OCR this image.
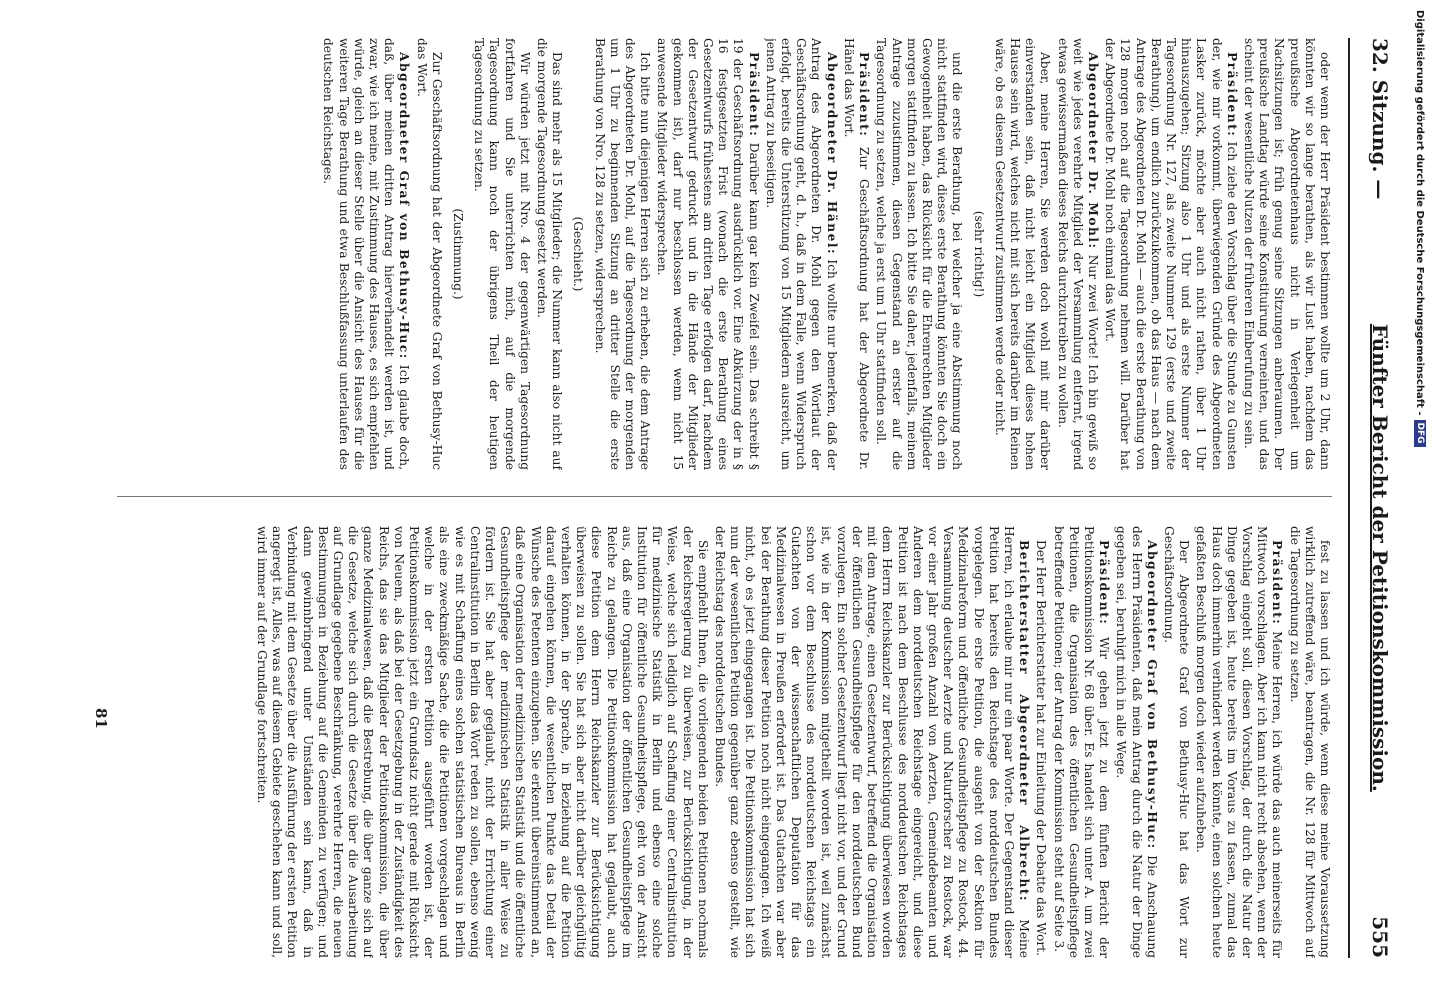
32. Sitzung. —
Fünfter Bericht der Petitionskommission.
555

oder wenn der Herr Präsident bestimmen wollte um 2 Uhr, dann könnten wir so lange berathen, als wir Lust haben, nachdem das preußische Abgeordnetenhaus nicht in Verlegenheit um Nachsitzungen ist; früh genug seine Sitzungen anberaumen. Der preußische Landtag würde seine Konstituirung verneinten, und das scheint der wesentliche Nutzen der früheren Einberufung zu sein.

Präsident: Ich ziehe den Vorschlag über die Stunde zu Gunsten der, wie mir vorkommt, überwiegenden Gründe des Abgeordneten Lasker zurück, möchte aber auch nicht rathen, über 1 Uhr hinauszugehen; Sitzung also 1 Uhr und als erste Nummer der Tagesordnung Nr. 127, als zweite Nummer 129 (erste und zweite Berathung), um endlich zurückzukommen, ob das Haus — nach dem Antrage des Abgeordneten Dr. Mohl — auch die erste Berathung von 128 morgen noch auf die Tagesordnung nehmen will. Darüber hat der Abgeordnete Dr. Mohl noch einmal das Wort.

Abgeordneter Dr. Mohl: Nur zwei Worte! Ich bin gewiß so weit wie jedes verehrte Mitglied der Versammlung entfernt, irgend etwas gewissermaßen dieses Reichs durchzutreiben zu wollen.

Aber, meine Herren, Sie werden doch wohl mit mir darüber einverstanden sein, daß nicht leicht ein Mitglied dieses hohen Hauses sein wird, welches nicht mit sich bereits darüber im Reinen wäre, ob es diesem Gesetzentwurf zustimmen werde oder nicht.

(sehr richtig!)

und die erste Berathung, bei welcher ja eine Abstimmung noch nicht stattfinden wird, dieses erste Berathung könnten Sie doch ein Gewogenheit haben, das Rücksicht für die Ehrenrechten Mitglieder morgen stattfinden zu lassen. Ich bitte Sie daher, jedenfalls, meinem Antrage zuzustimmen, diesen Gegenstand an erster auf die Tagesordnung zu setzen, welche ja erst um 1 Uhr stattfinden soll.

Präsident: Zur Geschäftsordnung hat der Abgeordnete Dr. Hänel das Wort.

Abgeordneter Dr. Hänel: Ich wollte nur bemerken, daß der Antrag des Abgeordneten Dr. Mohl gegen den Wortlaut der Geschäftsordnung geht, d. h., daß in dem Falle, wenn Widerspruch erfolgt, bereits die Unterstützung von 15 Mitgliedern ausreicht, um jenen Antrag zu beseitigen.

Präsident: Darüber kann gar kein Zweifel sein. Das schreibt § 19 der Geschäftsordnung ausdrücklich vor. Eine Abkürzung der in § 16 festgesetzten Frist (wonach die erste Berathung eines Gesetzentwurfs frühestens am dritten Tage erfolgen darf, nachdem der Gesetzentwurf gedruckt und in die Hände der Mitglieder gekommen ist), darf nur beschlossen werden, wenn nicht 15 anwesende Mitglieder widersprechen.

Ich bitte nun diejenigen Herren sich zu erheben, die dem Antrage des Abgeordneten Dr. Mohl, auf die Tagesordnung der morgenden um 1 Uhr zu beginnenden Sitzung an dritter Stelle die erste Berathung von Nro. 128 zu setzen, widersprechen.

(Geschieht.)

Das sind mehr als 15 Mitglieder; die Nummer kann also nicht auf die morgende Tagesordnung gesetzt werden.

Wir würden jetzt mit Nro. 4 der gegenwärtigen Tagesordnung fortfahren und Sie unterrichten mich, auf die morgende Tagesordnung kann noch der übrigens Theil der heutigen Tagesordnung zu setzen.

(Zustimmung.)

Zur Geschäftsordnung hat der Abgeordnete Graf von Bethusy-Huc das Wort.

Abgeordneter Graf von Bethusy-Huc: Ich glaube doch, daß, über meinen dritten Antrag hierverhandelt werden ist, und zwar, wie ich meine, mit Zustimmung des Hauses, es sich empfehlen würde, gleich an dieser Stelle über die Ansicht des Hauses für die weiteren Tage Berathung und etwa Beschlußfassung unterlaufen des deutschen Reichstages.

fest zu lassen und ich würde, wenn diese meine Voraussetzung wirklich zutreffend wäre, beantragen, die Nr. 128 für Mittwoch auf die Tagesordnung zu setzen.

Präsident: Meine Herren, ich würde das auch meinerseits für Mittwoch vorschlagen. Aber ich kann nicht recht absehen, wenn der Vorschlag eingeht soll, diesen Vorschlag, der durch die Natur der Dinge gegeben ist, heute bereits im Voraus zu fassen, zumal das Haus doch immerhin verhindert werden könnte, einen solchen heute gefaßten Beschluß morgen doch wieder aufzuheben.

Der Abgeordnete Graf von Bethusy-Huc hat das Wort zur Geschäftsordnung.

Abgeordneter Graf von Bethusy-Huc: Die Anschauung des Herrn Präsidenten, daß mein Antrag durch die Natur der Dinge gegeben sei, beruhigt mich in alle Wege.

Präsident: Wir gehen jetzt zu dem fünften Bericht der Petitionskommission Nr. 68 über. Es handelt sich unter A. um zwei Petitionen, die Organisation des öffentlichen Gesundheitspflege betreffende Petitionen; der Antrag der Kommission steht auf Seite 3.

Der Herr Berichterstatter hat zur Einleitung der Debatte das Wort.

Berichterstatter Abgeordneter Albrecht: Meine Herren, ich erlaube mir nur ein paar Worte. Der Gegenstand dieser Petition hat bereits den Reichstage des norddeutschen Bundes vorgelegen. Die erste Petition, die ausgeht von der Sektion für Medizinalreform und öffentliche Gesundheitspflege zu Rostock, 44. Versammlung deutscher Aerzte und Naturforscher zu Rostock, war vor einer Jahr großen Anzahl von Aerzten, Gemeindebeamten und Anderen dem norddeutschen Reichstage eingereicht, und diese Petition ist nach dem Beschlusse des norddeutschen Reichstages dem Herrn Reichskanzler zur Berücksichtigung überwiesen worden mit dem Antrage, einen Gesetzentwurf, betreffend die Organisation der öffentlichen Gesundheitspflege für den norddeutschen Bund vorzulegen. Ein solcher Gesetzentwurf liegt nicht vor, und der Grund ist, wie in der Kommission mitgetheilt worden ist, weil zunächst schon vor dem Beschlusse des norddeutschen Reichstags ein Gutachten von der wissenschaftlichen Deputation für das Medizinalwesen in Preußen erfordert ist. Das Gutachten war aber bei der Berathung dieser Petition noch nicht eingegangen. Ich weiß nicht, ob es jetzt eingegangen ist. Die Petitionskommission hat sich nun der wesentlichen Petition gegenüber ganz ebenso gestellt, wie der Reichstag des norddeutschen Bundes.

Sie empfiehlt Ihnen, die vorliegenden beiden Petitionen nochmals der Reichsregierung zu überweisen, zur Berücksichtigung, in der Weise, welche sich lediglich auf Schaffung einer Centralinstitution für medizinische Statistik in Berlin und ebenso eine solche Institution für öffentliche Gesundheitspflege, geht von der Ansicht aus, daß eine Organisation der öffentlichen Gesundheitspflege im Reiche zu gelangen. Die Petitionskommission hat geglaubt, auch diese Petition dem Herrn Reichskanzler zur Berücksichtigung überweisen zu sollen. Sie hat sich aber nicht darüber gleichgültig verhalten können, in der Sprache, in Beziehung auf die Petition darauf eingehen können, die wesentlichen Punkte das Detail der Wünsche des Petenten einzugehen. Sie erkennt übereinstimmend an, daß eine Organisation der medizinischen Statistik und die öffentliche Gesundheitspflege der medizinischen Statistik in aller Weise zu fördern ist. Sie hat aber geglaubt, nicht der Errichtung einer Centralinstitution in Berlin das Wort reden zu sollen, ebenso wenig wie es mit Schaffung eines solchen statistischen Bureaus in Berlin als eine zweckmäßige Sache, die die Petitionen vorgeschlagen und welche in der ersten Petition ausgeführt worden ist, der Petitionskommission jetzt ein Grundsatz nicht gerade mit Rücksicht von Neuem, als daß bei der Gesetzgebung in der Zuständigkeit des Reichs, das sie das Mitglieder der Petitionskommission, die über ganze Medizinalwesen, daß die Bestrebung, die über ganze sich auf die Gesetze, welche sich durch die Gesetze über die Ausarbeitung auf Grundlage gegebene Beschränkung, verehrte Herren, die neuen Bestimmungen in Beziehung auf die Gemeinden zu verfügen; und dann gewinnbringend unter Umständen sein kann, daß in Verbindung mit dem Gesetze über die Ausführung der ersten Petition angeregt ist, Alles, was auf diesem Gebiete geschehen kann und soll, wird immer auf der Grundlage fortschreiten.

81
Digitalisierung gefördert durch die Deutsche Forschungsgemeinschaft -
DFG
